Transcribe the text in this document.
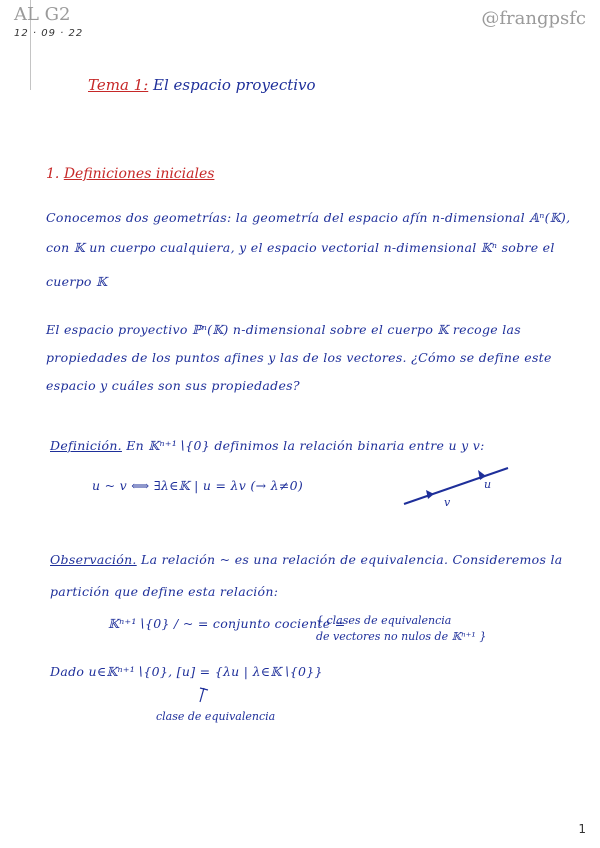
AL G2
12 · 09 · 22
@frangpsfc
Tema 1: El espacio proyectivo
1. Definiciones iniciales
Conocemos dos geometrías: la geometría del espacio afín n-dimensional 𝔸ⁿ(𝕂),
con 𝕂 un cuerpo cualquiera, y el espacio vectorial n-dimensional 𝕂ⁿ sobre el
cuerpo 𝕂
El espacio proyectivo ℙⁿ(𝕂) n-dimensional sobre el cuerpo 𝕂 recoge las
propiedades de los puntos afines y las de los vectores. ¿Cómo se define este
espacio y cuáles son sus propiedades?
Definición. En 𝕂ⁿ⁺¹∖{0} definimos la relación binaria entre u y v:
u ~ v ⟺ ∃λ∈𝕂 | u = λv (→ λ≠0)
Observación. La relación ~ es una relación de equivalencia. Consideremos la
partición que define esta relación:
𝕂ⁿ⁺¹∖{0} / ~ = conjunto cociente =
{ clases de equivalencia
de vectores no nulos de 𝕂ⁿ⁺¹ }
Dado u∈𝕂ⁿ⁺¹∖{0}, [u] = {λu | λ∈𝕂∖{0}}
clase de equivalencia
u
v
1
